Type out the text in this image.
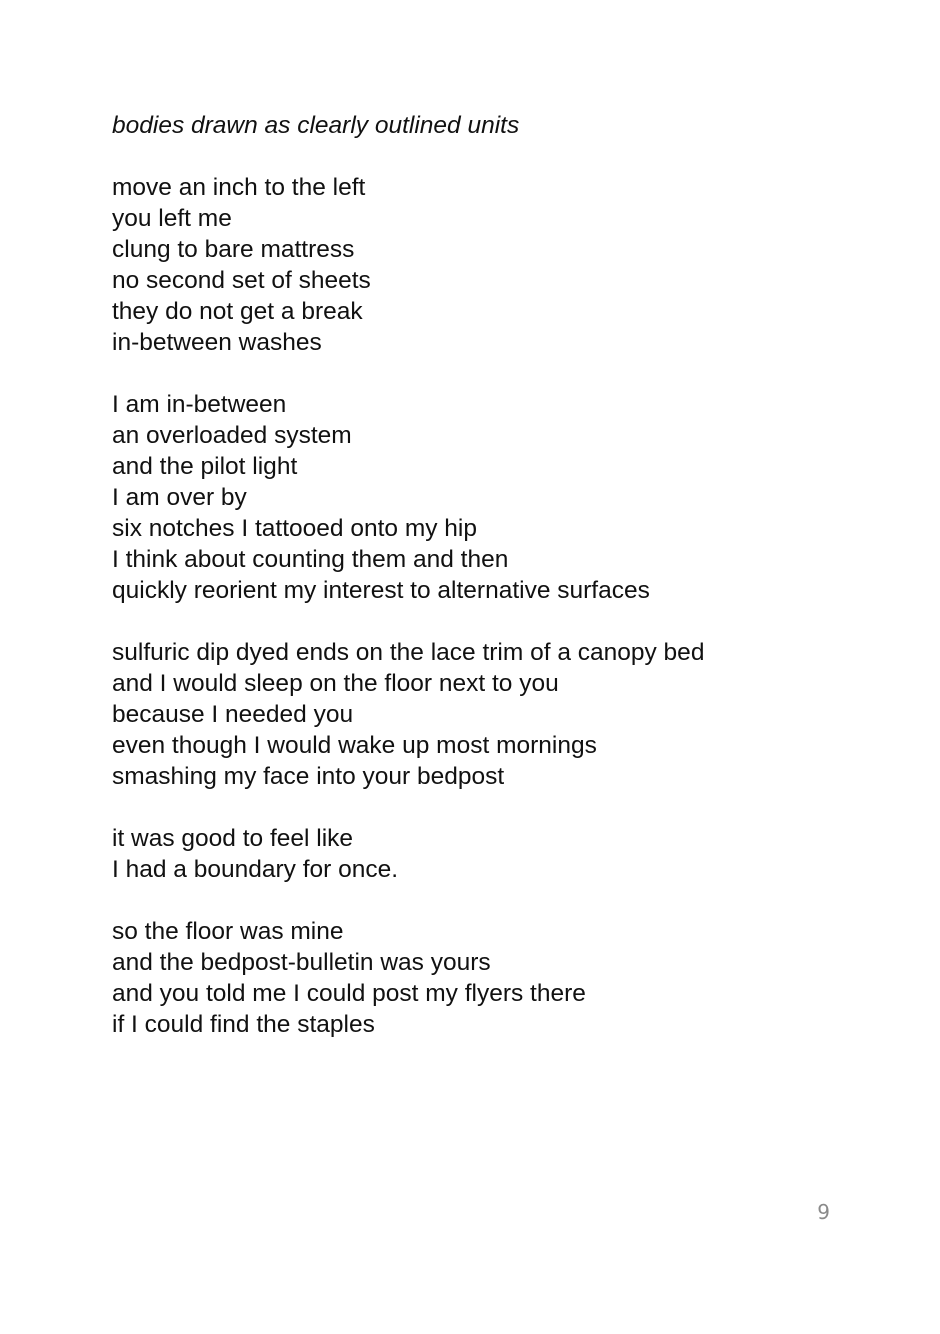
bodies drawn as clearly outlined units
move an inch to the left
you left me
clung to bare mattress
no second set of sheets
they do not get a break
in-between washes
I am in-between
an overloaded system
and the pilot light
I am over by
six notches I tattooed onto my hip
I think about counting them and then
quickly reorient my interest to alternative surfaces
sulfuric dip dyed ends on the lace trim of a canopy bed
and I would sleep on the floor next to you
because I needed you
even though I would wake up most mornings
smashing my face into your bedpost
it was good to feel like
I had a boundary for once.
so the floor was mine
and the bedpost-bulletin was yours
and you told me I could post my flyers there
if I could find the staples
9
